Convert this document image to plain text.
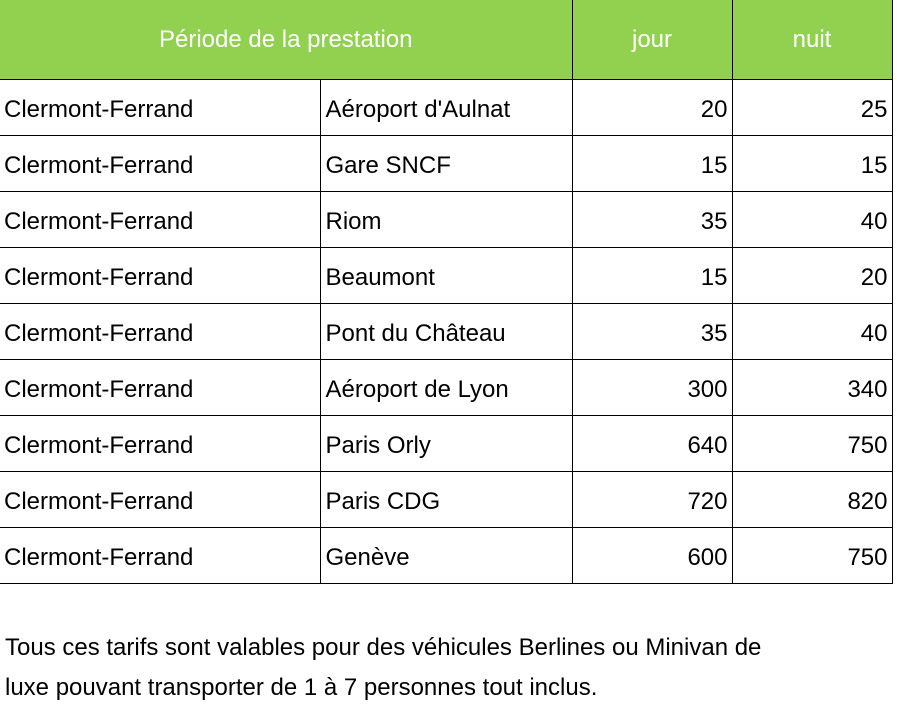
Période de la prestation		jour	nuit
Clermont-Ferrand	Aéroport d'Aulnat	20	25
Clermont-Ferrand	Gare SNCF	15	15
Clermont-Ferrand	Riom	35	40
Clermont-Ferrand	Beaumont	15	20
Clermont-Ferrand	Pont du Château	35	40
Clermont-Ferrand	Aéroport de Lyon	300	340
Clermont-Ferrand	Paris Orly	640	750
Clermont-Ferrand	Paris CDG	720	820
Clermont-Ferrand	Genève	600	750
Tous ces tarifs sont valables pour des véhicules Berlines ou Minivan de
luxe pouvant transporter de 1 à 7 personnes tout inclus.
